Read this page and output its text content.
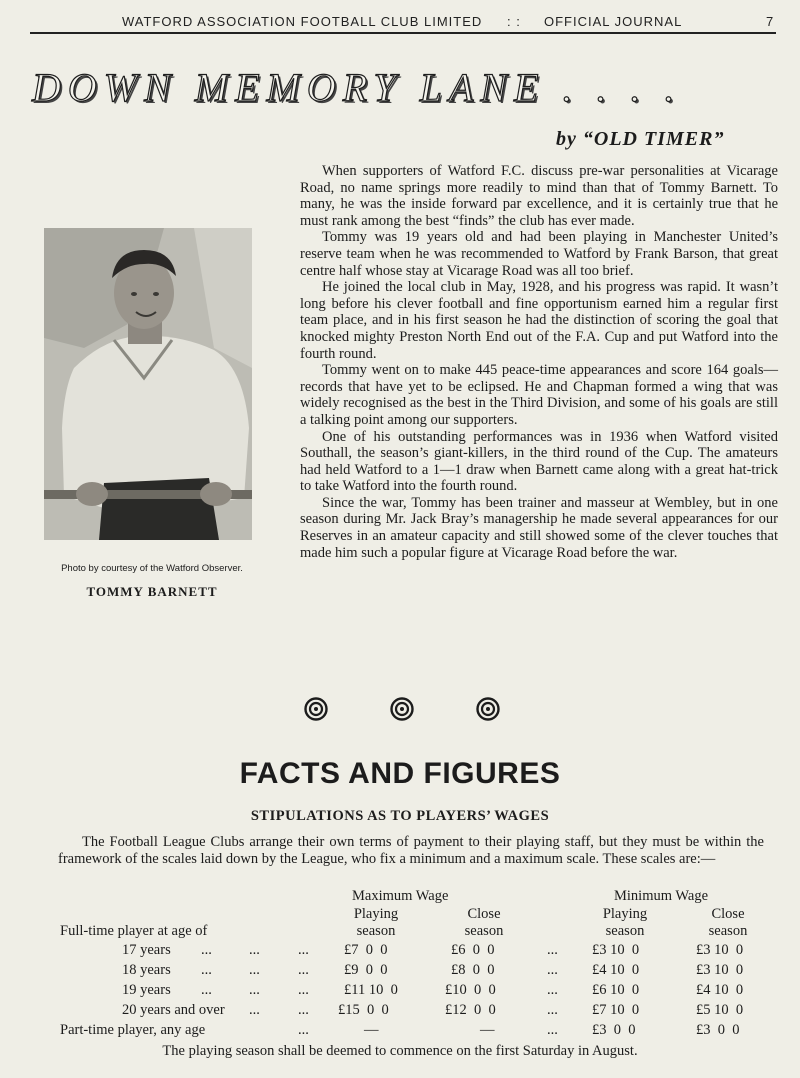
WATFORD ASSOCIATION FOOTBALL CLUB LIMITED : : OFFICIAL JOURNAL	7
DOWN MEMORY LANE . . . .
by “OLD TIMER”
Photo by courtesy of the Watford Observer.
TOMMY BARNETT

When supporters of Watford F.C. discuss pre-war personalities at Vicarage Road, no name springs more readily to mind than that of Tommy Barnett. To many, he was the inside forward par excellence, and it is certainly true that he must rank among the best “finds” the club has ever made.

Tommy was 19 years old and had been playing in Manchester United’s reserve team when he was recommended to Watford by Frank Barson, that great centre half whose stay at Vicarage Road was all too brief.

He joined the local club in May, 1928, and his progress was rapid. It wasn’t long before his clever football and fine opportunism earned him a regular first team place, and in his first season he had the distinction of scoring the goal that knocked mighty Preston North End out of the F.A. Cup and put Watford into the fourth round.

Tommy went on to make 445 peace-time appearances and score 164 goals—records that have yet to be eclipsed. He and Chapman formed a wing that was widely recognised as the best in the Third Division, and some of his goals are still a talking point among our supporters.

One of his outstanding performances was in 1936 when Watford visited Southall, the season’s giant-killers, in the third round of the Cup. The amateurs had held Watford to a 1—1 draw when Barnett came along with a great hat-trick to take Watford into the fourth round.

Since the war, Tommy has been trainer and masseur at Wembley, but in one season during Mr. Jack Bray’s managership he made several appearances for our Reserves in an amateur capacity and still showed some of the clever touches that made him such a popular figure at Vicarage Road before the war.

FACTS AND FIGURES
STIPULATIONS AS TO PLAYERS’ WAGES

The Football League Clubs arrange their own terms of payment to their playing staff, but they must be within the framework of the scales laid down by the League, who fix a minimum and a maximum scale. These scales are:—

Maximum Wage	Minimum Wage
Playing	Close	Playing	Close
Full-time player at age of	season	season	season	season
17 years ...	...	... £7  0  0	£6  0  0	... £3 10  0	£3 10  0
18 years ...	...	... £9  0  0	£8  0  0	... £4 10  0	£3 10  0
19 years ...	...	... £11 10  0	£10  0  0	... £6 10  0	£4 10  0
20 years and over ...	... £15  0  0	£12  0  0	... £7 10  0	£5 10  0
Part-time player, any age	...	—	—	... £3  0  0	£3  0  0
The playing season shall be deemed to commence on the first Saturday in August.
